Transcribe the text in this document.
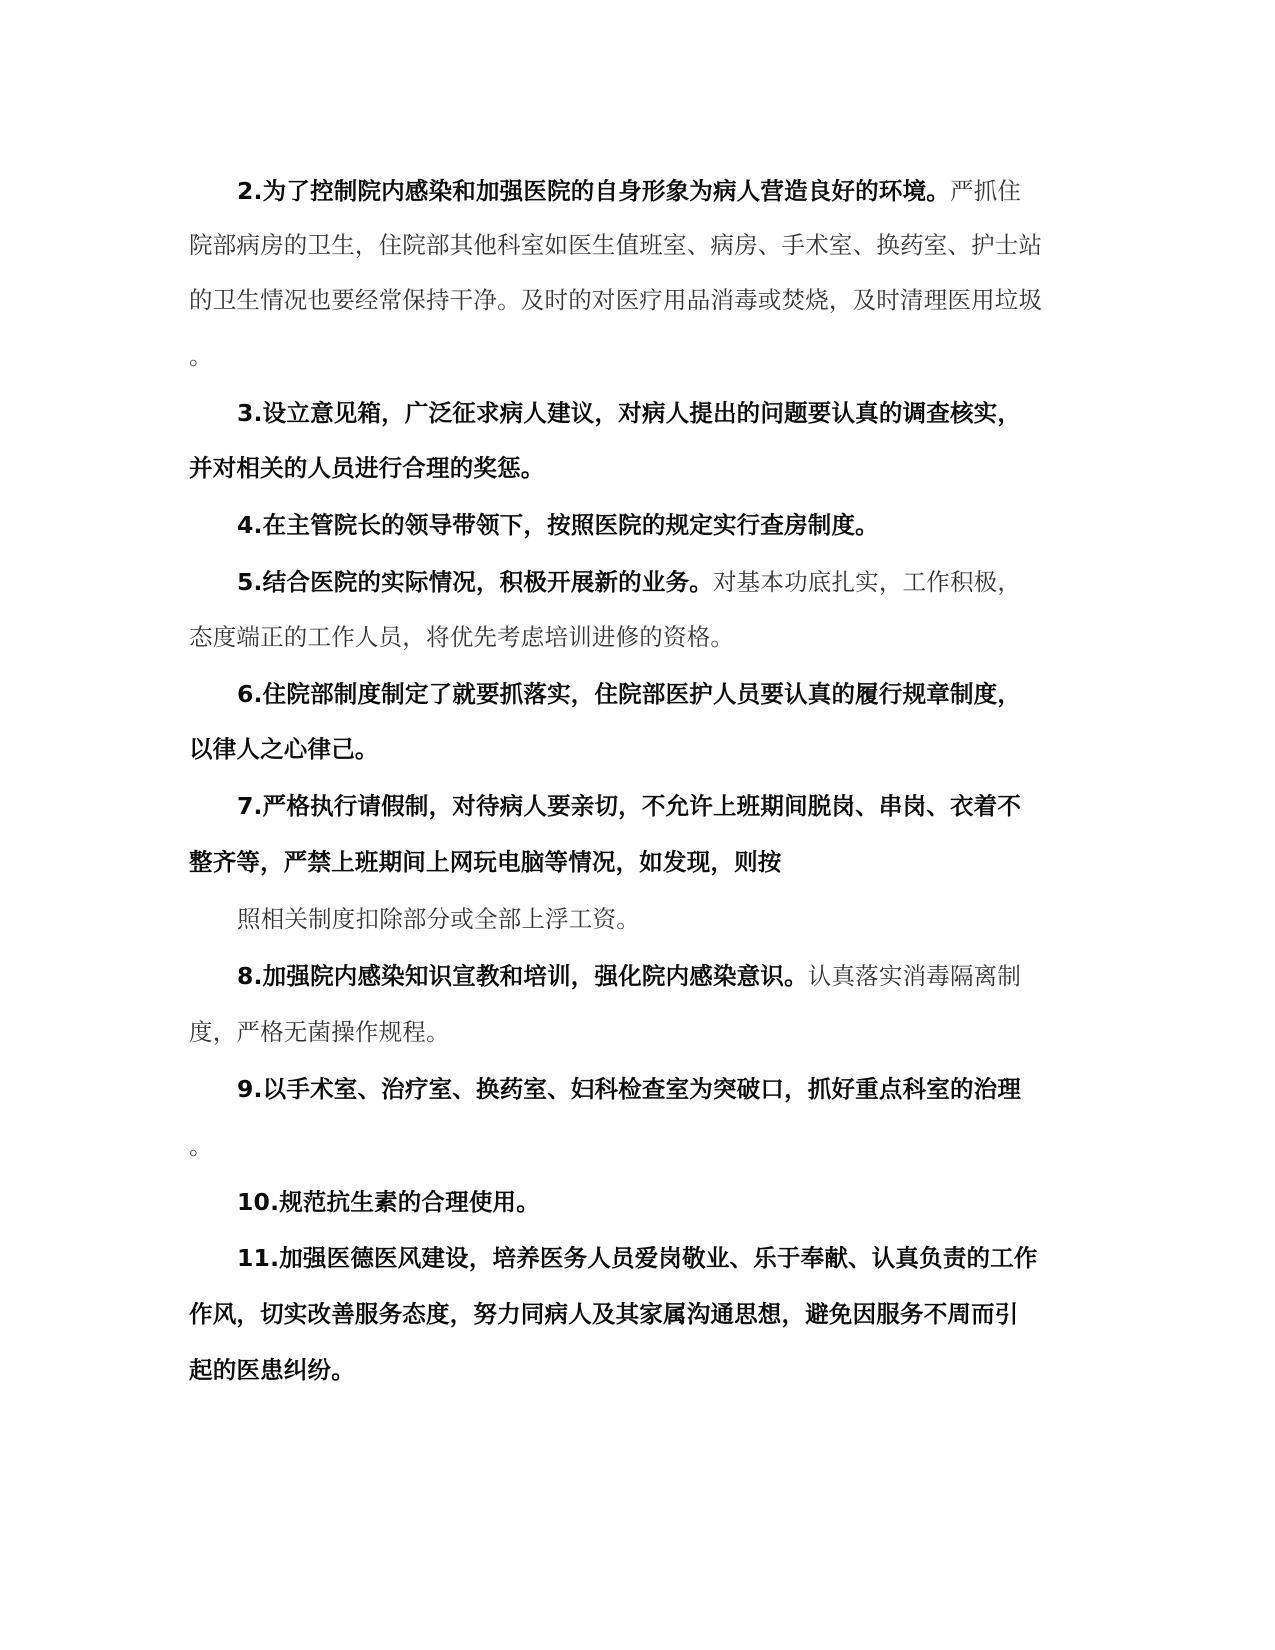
2.为了控制院内感染和加强医院的自身形象为病人营造良好的环境。严抓住
院部病房的卫生，住院部其他科室如医生值班室、病房、手术室、换药室、护士站
的卫生情况也要经常保持干净。及时的对医疗用品消毒或焚烧，及时清理医用垃圾
。
3.设立意见箱，广泛征求病人建议，对病人提出的问题要认真的调查核实，
并对相关的人员进行合理的奖惩。
4.在主管院长的领导带领下，按照医院的规定实行查房制度。
5.结合医院的实际情况，积极开展新的业务。对基本功底扎实，工作积极，
态度端正的工作人员，将优先考虑培训进修的资格。
6.住院部制度制定了就要抓落实，住院部医护人员要认真的履行规章制度，
以律人之心律己。
7.严格执行请假制，对待病人要亲切，不允许上班期间脱岗、串岗、衣着不
整齐等，严禁上班期间上网玩电脑等情况，如发现，则按
照相关制度扣除部分或全部上浮工资。
8.加强院内感染知识宣教和培训，强化院内感染意识。认真落实消毒隔离制
度，严格无菌操作规程。
9.以手术室、治疗室、换药室、妇科检查室为突破口，抓好重点科室的治理
。
10.规范抗生素的合理使用。
11.加强医德医风建设，培养医务人员爱岗敬业、乐于奉献、认真负责的工作
作风，切实改善服务态度，努力同病人及其家属沟通思想，避免因服务不周而引
起的医患纠纷。
